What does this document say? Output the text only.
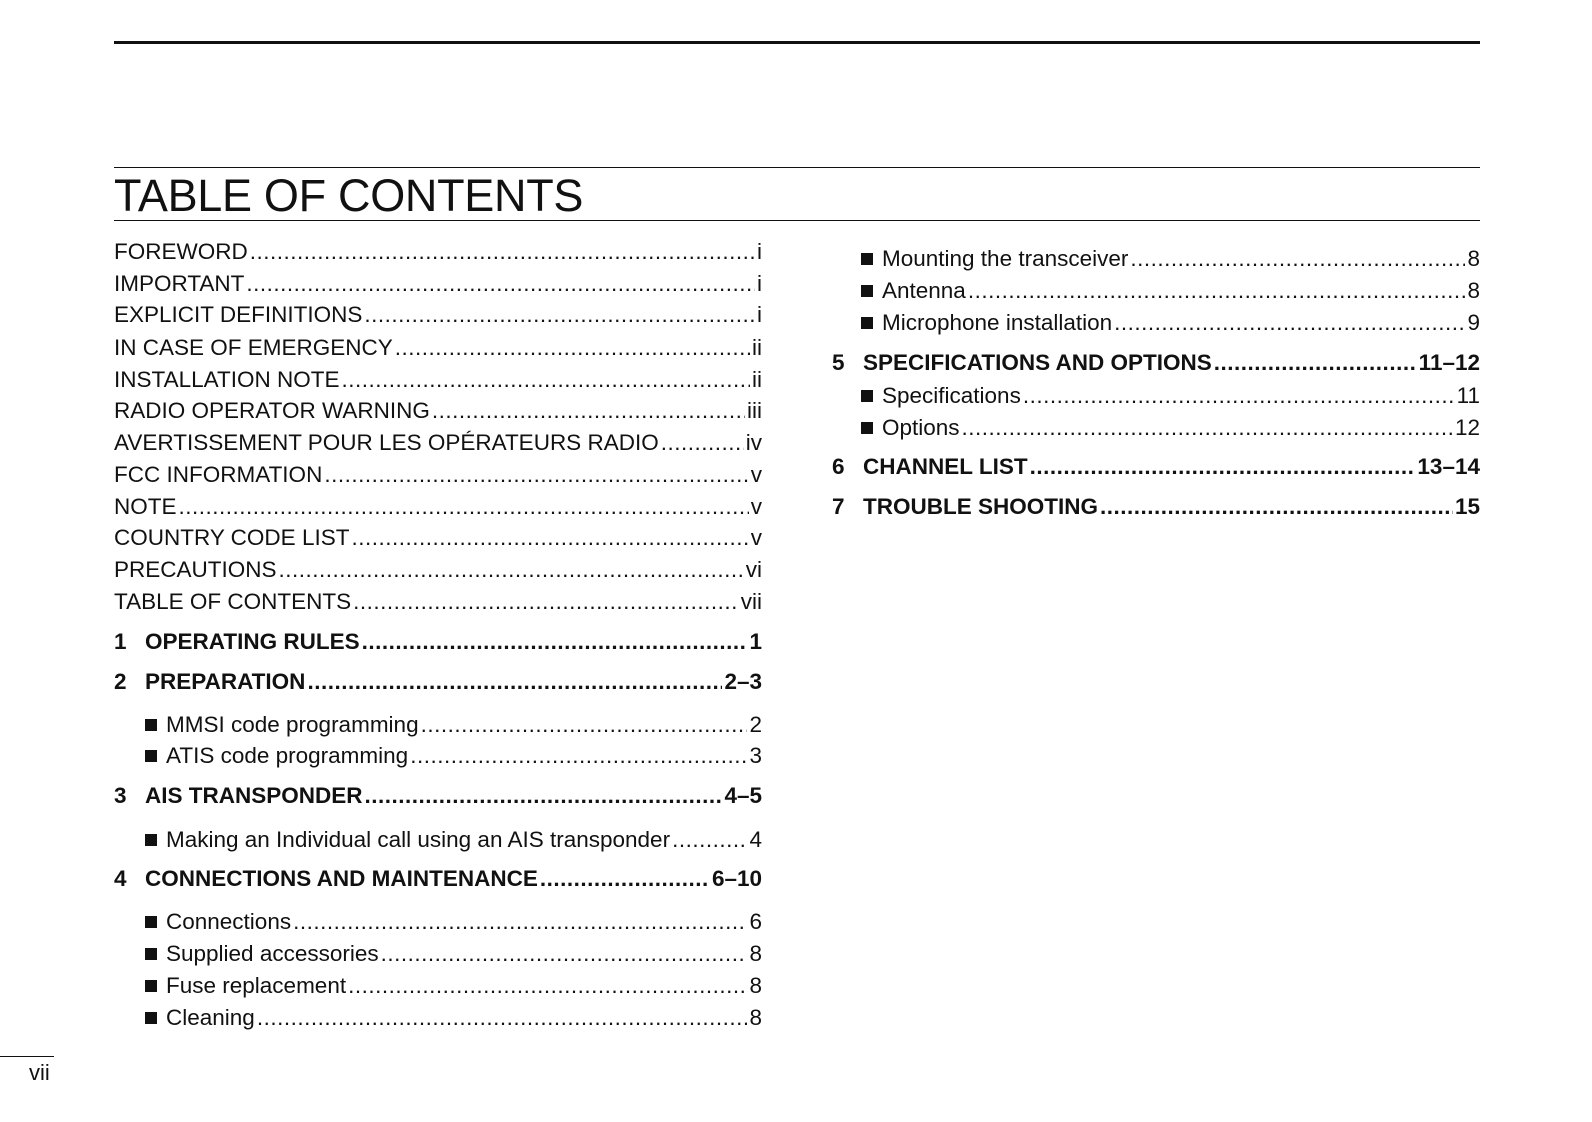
TABLE OF CONTENTS
FOREWORD .....	i
IMPORTANT .....	i
EXPLICIT DEFINITIONS .....	i
IN CASE OF EMERGENCY .....	ii
INSTALLATION NOTE .....	ii
RADIO OPERATOR WARNING .....	iii
AVERTISSEMENT POUR LES OPÉRATEURS RADIO .....	iv
FCC INFORMATION .....	v
NOTE .....	v
COUNTRY CODE LIST .....	v
PRECAUTIONS .....	vi
TABLE OF CONTENTS .....	vii
1 OPERATING RULES .....	1
2 PREPARATION .....	2–3
MMSI code programming .....	2
ATIS code programming .....	3
3 AIS TRANSPONDER .....	4–5
Making an Individual call using an AIS transponder .....	4
4 CONNECTIONS AND MAINTENANCE .....	6–10
Connections .....	6
Supplied accessories .....	8
Fuse replacement .....	8
Cleaning .....	8
Mounting the transceiver .....	8
Antenna .....	8
Microphone installation .....	9
5 SPECIFICATIONS AND OPTIONS .....	11–12
Specifications .....	11
Options .....	12
6 CHANNEL LIST .....	13–14
7 TROUBLE SHOOTING .....	15
vii
